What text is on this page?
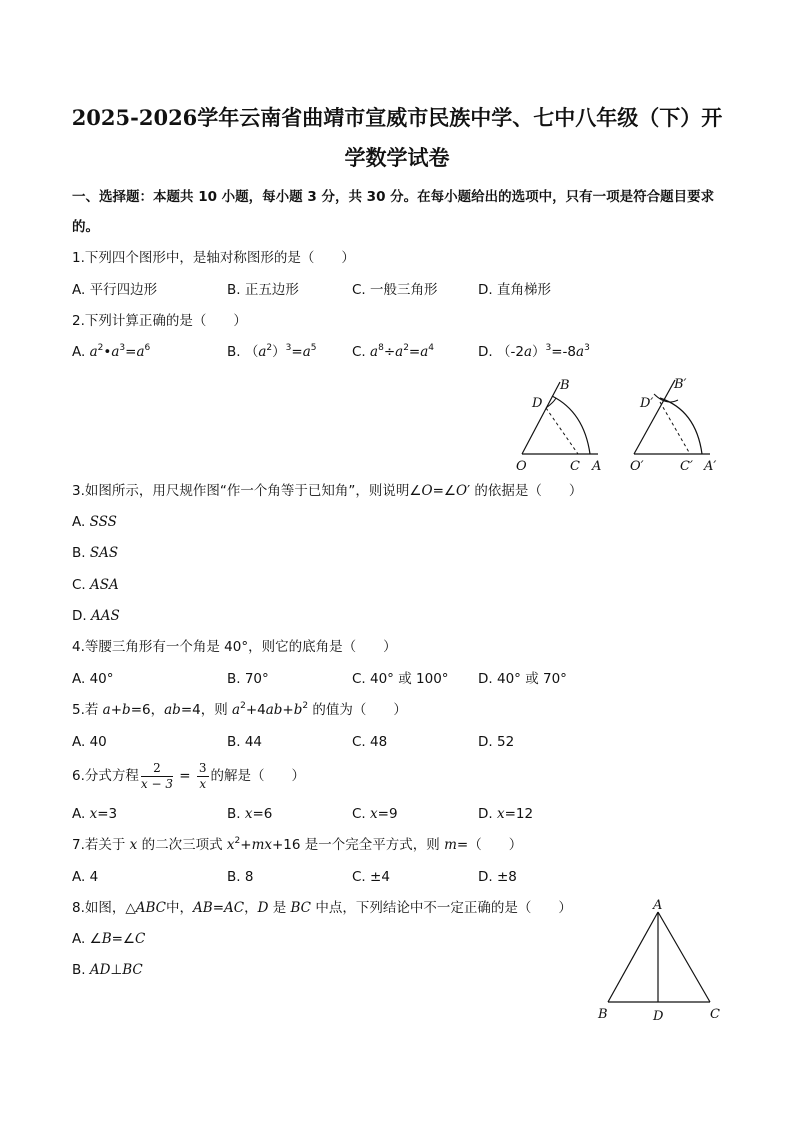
2025-2026学年云南省曲靖市宣威市民族中学、七中八年级（下）开
学数学试卷
一、选择题：本题共 10 小题，每小题 3 分，共 30 分。在每小题给出的选项中，只有一项是符合题目要求
的。
1.下列四个图形中，是轴对称图形的是（　　）
A. 平行四边形	B. 正五边形	C. 一般三角形	D. 直角梯形
2.下列计算正确的是（　　）
A. $a^2•a^3=a^6$	B. $(a^2)^3=a^5$	C. $a^8\div a^2=a^4$	D. $(-2a)^3=-8a^3$
B
D
O	C A
B′
D′
O′	C′ A′
3.如图所示，用尺规作图“作一个角等于已知角”，则说明∠O=∠O′ 的依据是（　　）
A. SSS
B. SAS
C. ASA
D. AAS
4.等腰三角形有一个角是 40°，则它的底角是（　　）
A. 40°	B. 70°	C. 40° 或 100° D. 40° 或 70°
5.若 a+b=6，ab=4，则 $a^2+4ab+b^2$ 的值为（　　）
A. 40	B. 44	C. 48	D. 52
6.分式方程 $\frac{2}{x - 3} = \frac{3}{x}$ 的解是（　　）
A. x=3	B. x=6	C. x=9	D. x=12
7.若关于 x 的二次三项式 $x^2+mx+16$ 是一个完全平方式，则 m=（　　）
A. 4	B. 8	C. ±4	D. ±8
8.如图，△ABC中，AB=AC，D 是 BC 中点，下列结论中不一定正确的是（　　）
A. ∠B=∠C
B. AD⊥BC
A
B	D	C
